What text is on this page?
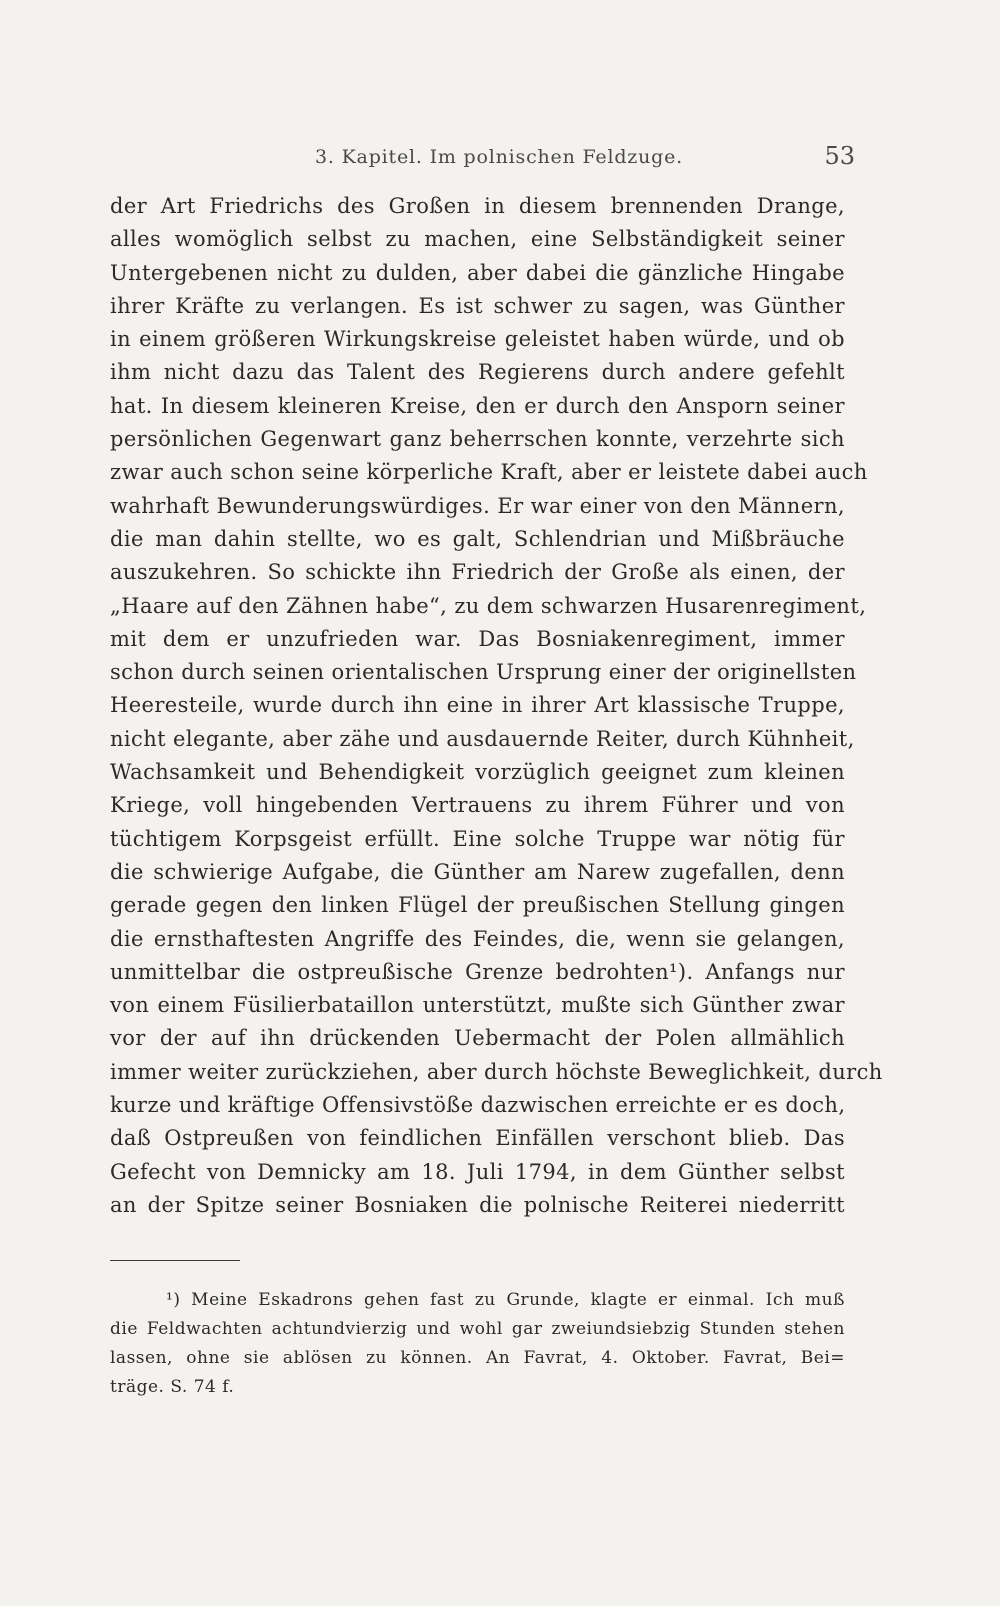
3. Kapitel. Im polnischen Feldzuge.	53
der Art Friedrichs des Großen in diesem brennenden Drange,
alles womöglich selbst zu machen, eine Selbständigkeit seiner
Untergebenen nicht zu dulden, aber dabei die gänzliche Hingabe
ihrer Kräfte zu verlangen. Es ist schwer zu sagen, was Günther
in einem größeren Wirkungskreise geleistet haben würde, und ob
ihm nicht dazu das Talent des Regierens durch andere gefehlt
hat. In diesem kleineren Kreise, den er durch den Ansporn seiner
persönlichen Gegenwart ganz beherrschen konnte, verzehrte sich
zwar auch schon seine körperliche Kraft, aber er leistete dabei auch
wahrhaft Bewunderungswürdiges. Er war einer von den Männern,
die man dahin stellte, wo es galt, Schlendrian und Mißbräuche
auszukehren. So schickte ihn Friedrich der Große als einen, der
„Haare auf den Zähnen habe“, zu dem schwarzen Husarenregiment,
mit dem er unzufrieden war. Das Bosniakenregiment, immer
schon durch seinen orientalischen Ursprung einer der originellsten
Heeresteile, wurde durch ihn eine in ihrer Art klassische Truppe,
nicht elegante, aber zähe und ausdauernde Reiter, durch Kühnheit,
Wachsamkeit und Behendigkeit vorzüglich geeignet zum kleinen
Kriege, voll hingebenden Vertrauens zu ihrem Führer und von
tüchtigem Korpsgeist erfüllt. Eine solche Truppe war nötig für
die schwierige Aufgabe, die Günther am Narew zugefallen, denn
gerade gegen den linken Flügel der preußischen Stellung gingen
die ernsthaftesten Angriffe des Feindes, die, wenn sie gelangen,
unmittelbar die ostpreußische Grenze bedrohten¹). Anfangs nur
von einem Füsilierbataillon unterstützt, mußte sich Günther zwar
vor der auf ihn drückenden Uebermacht der Polen allmählich
immer weiter zurückziehen, aber durch höchste Beweglichkeit, durch
kurze und kräftige Offensivstöße dazwischen erreichte er es doch,
daß Ostpreußen von feindlichen Einfällen verschont blieb. Das
Gefecht von Demnicky am 18. Juli 1794, in dem Günther selbst
an der Spitze seiner Bosniaken die polnische Reiterei niederritt
¹) Meine Eskadrons gehen fast zu Grunde, klagte er einmal. Ich muß
die Feldwachten achtundvierzig und wohl gar zweiundsiebzig Stunden stehen
lassen, ohne sie ablösen zu können. An Favrat, 4. Oktober. Favrat, Bei=
träge. S. 74 f.
